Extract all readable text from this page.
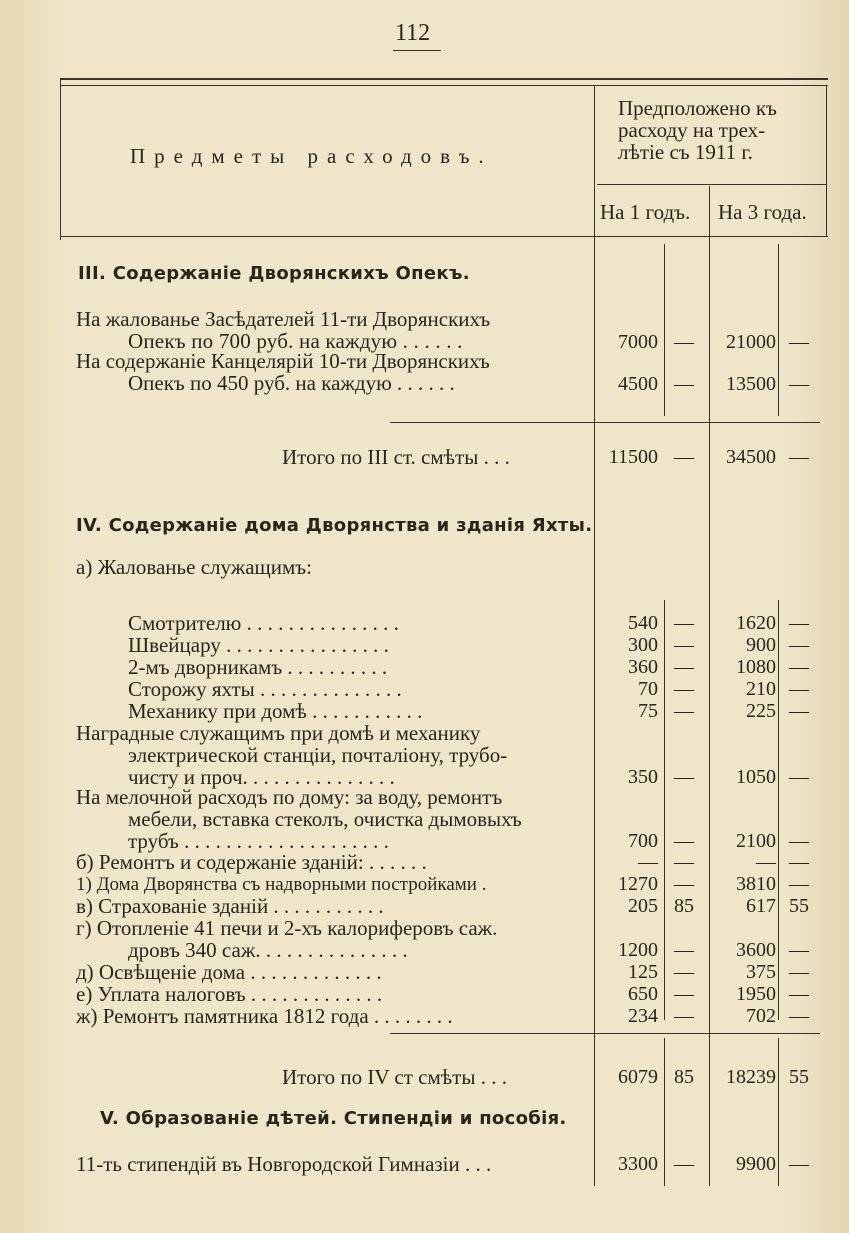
112
Предметы расходовъ.
Предположено къ
расходу на трех-
лѣтiе съ 1911 г.
На 1 годъ. На 3 года.
III. Содержанiе Дворянскихъ Опекъ.
На жалованье Засѣдателей 11-ти Дворянскихъ
Опекъ по 700 руб. на каждую . . . . . .	7000 —	21000 —
На содержанiе Канцелярiй 10-ти Дворянскихъ
Опекъ по 450 руб. на каждую . . . . . .	4500 —	13500 —
Итого по III ст. смѣты . . .	11500 —	34500 —
IV. Содержанiе дома Дворянства и зданiя Яхты.
а) Жалованье служащимъ:
Смотрителю . . . . . . . . . . . . . . .	540 —	1620 —
Швейцару . . . . . . . . . . . . . . . .	300 —	900 —
2-мъ дворникамъ . . . . . . . . . .	360 —	1080 —
Сторожу яхты . . . . . . . . . . . . . .	70 —	210 —
Механику при домѣ . . . . . . . . . . .	75 —	225 —
Наградные служащимъ при домѣ и механику
электрической станцiи, почталiону, трубо-
чисту и проч. . . . . . . . . . . . . . .	350 —	1050 —
На мелочной расходъ по дому: за воду, ремонтъ
мебели, вставка стеколъ, очистка дымовыхъ
трубъ . . . . . . . . . . . . . . . . . . . .	700 —	2100 —
б) Ремонтъ и содержанiе зданiй: . . . . . .	— —	— —
1) Дома Дворянства съ надворными постройками .	1270 —	3810 —
в) Страхованiе зданiй . . . . . . . . . . .	205 85	617 55
г) Отопленiе 41 печи и 2-хъ калориферовъ саж.
дровъ 340 саж. . . . . . . . . . . . . . .	1200 —	3600 —
д) Освѣщенiе дома . . . . . . . . . . . . .	125 —	375 —
е) Уплата налоговъ . . . . . . . . . . . . .	650 —	1950 —
ж) Ремонтъ памятника 1812 года . . . . . . . .	234 —	702 —
Итого по IV ст смѣты . . .	6079 85	18239 55
V. Образованiе дѣтей. Стипендiи и пособiя.
11-ть стипендiй въ Новгородской Гимназiи . . .	3300 —	9900 —
